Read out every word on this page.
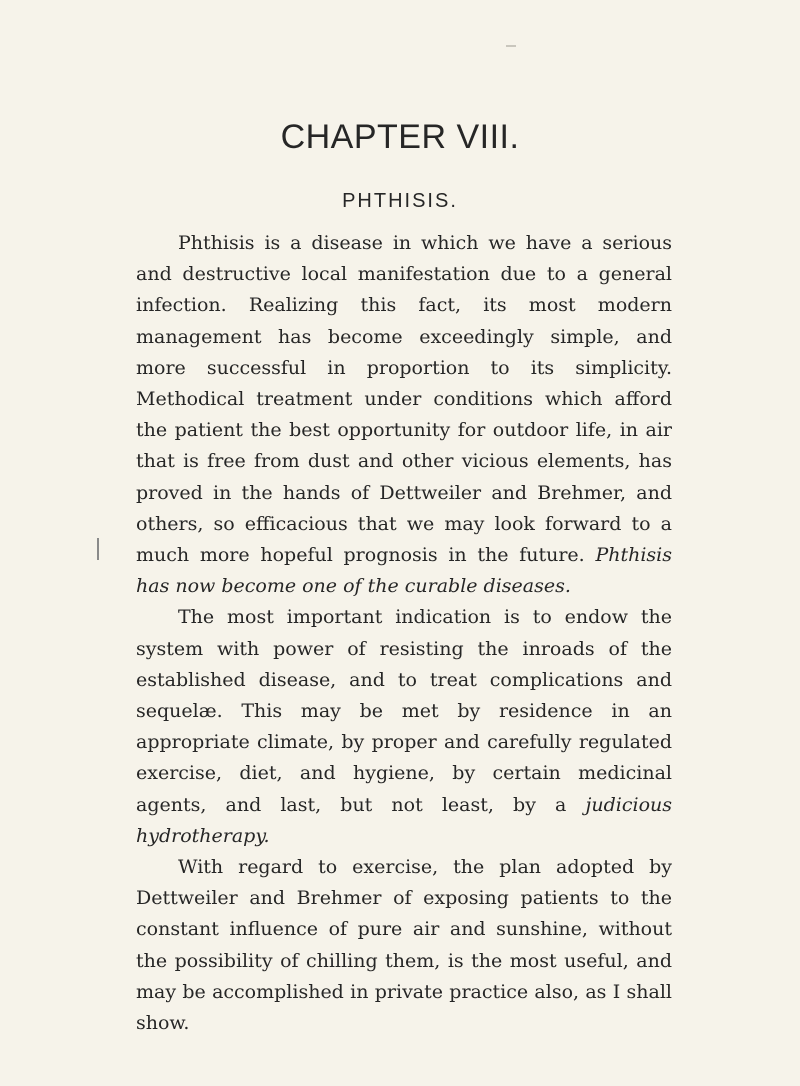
CHAPTER VIII.
PHTHISIS.

Phthisis is a disease in which we have a serious and destructive local manifestation due to a general infection. Realizing this fact, its most modern management has become exceedingly simple, and more successful in proportion to its simplicity. Methodical treatment under conditions which afford the patient the best opportunity for outdoor life, in air that is free from dust and other vicious elements, has proved in the hands of Dettweiler and Brehmer, and others, so efficacious that we may look forward to a much more hopeful prognosis in the future. Phthisis has now become one of the curable diseases.

The most important indication is to endow the system with power of resisting the inroads of the established disease, and to treat complications and sequelæ. This may be met by residence in an appropriate climate, by proper and carefully regulated exercise, diet, and hygiene, by certain medicinal agents, and last, but not least, by a judicious hydrotherapy.

With regard to exercise, the plan adopted by Dettweiler and Brehmer of exposing patients to the constant influence of pure air and sunshine, without the possibility of chilling them, is the most useful, and may be accomplished in private practice also, as I shall show.
